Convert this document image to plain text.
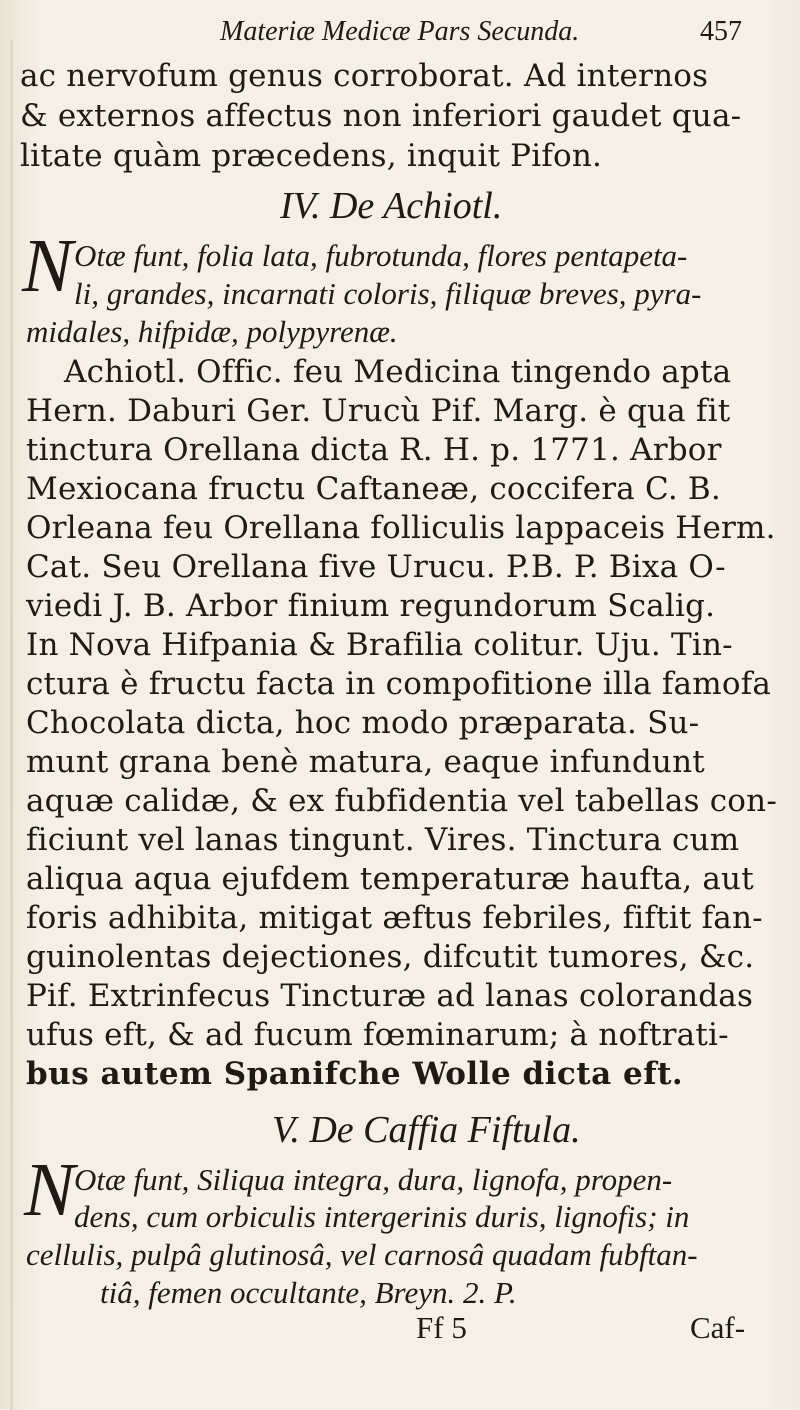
Materiæ Medicæ Pars Secunda.	457
ac nervofum genus corroborat. Ad internos
& externos affectus non inferiori gaudet qua-
litate quàm præcedens, inquit Pifon.
IV. De Achiotl.
N Otæ funt, folia lata, fubrotunda, flores pentapeta-
li, grandes, incarnati coloris, filiquæ breves, pyra-
midales, hifpidæ, polypyrenæ.
Achiotl. Offic. feu Medicina tingendo apta
Hern. Daburi Ger. Urucù Pif. Marg. è qua fit
tinctura Orellana dicta R. H. p. 1771. Arbor
Mexiocana fructu Caftaneæ, coccifera C. B.
Orleana feu Orellana folliculis lappaceis Herm.
Cat. Seu Orellana five Urucu. P.B. P. Bixa O-
viedi J. B. Arbor finium regundorum Scalig.
In Nova Hifpania & Brafilia colitur. Uju. Tin-
ctura è fructu facta in compofitione illa famofa
Chocolata dicta, hoc modo præparata. Su-
munt grana benè matura, eaque infundunt
aquæ calidæ, & ex fubfidentia vel tabellas con-
ficiunt vel lanas tingunt. Vires. Tinctura cum
aliqua aqua ejufdem temperaturæ haufta, aut
foris adhibita, mitigat æftus febriles, fiftit fan-
guinolentas dejectiones, difcutit tumores, &c.
Pif. Extrinfecus Tincturæ ad lanas colorandas
ufus eft, & ad fucum fœminarum; à noftrati-
bus autem Spanifche Wolle dicta eft.
V. De Caffia Fiftula.
N Otæ funt, Siliqua integra, dura, lignofa, propen-
dens, cum orbiculis intergerinis duris, lignofis; in
cellulis, pulpâ glutinosâ, vel carnosâ quadam fubftan-
tiâ, femen occultante, Breyn. 2. P.
Ff 5	Caf-
